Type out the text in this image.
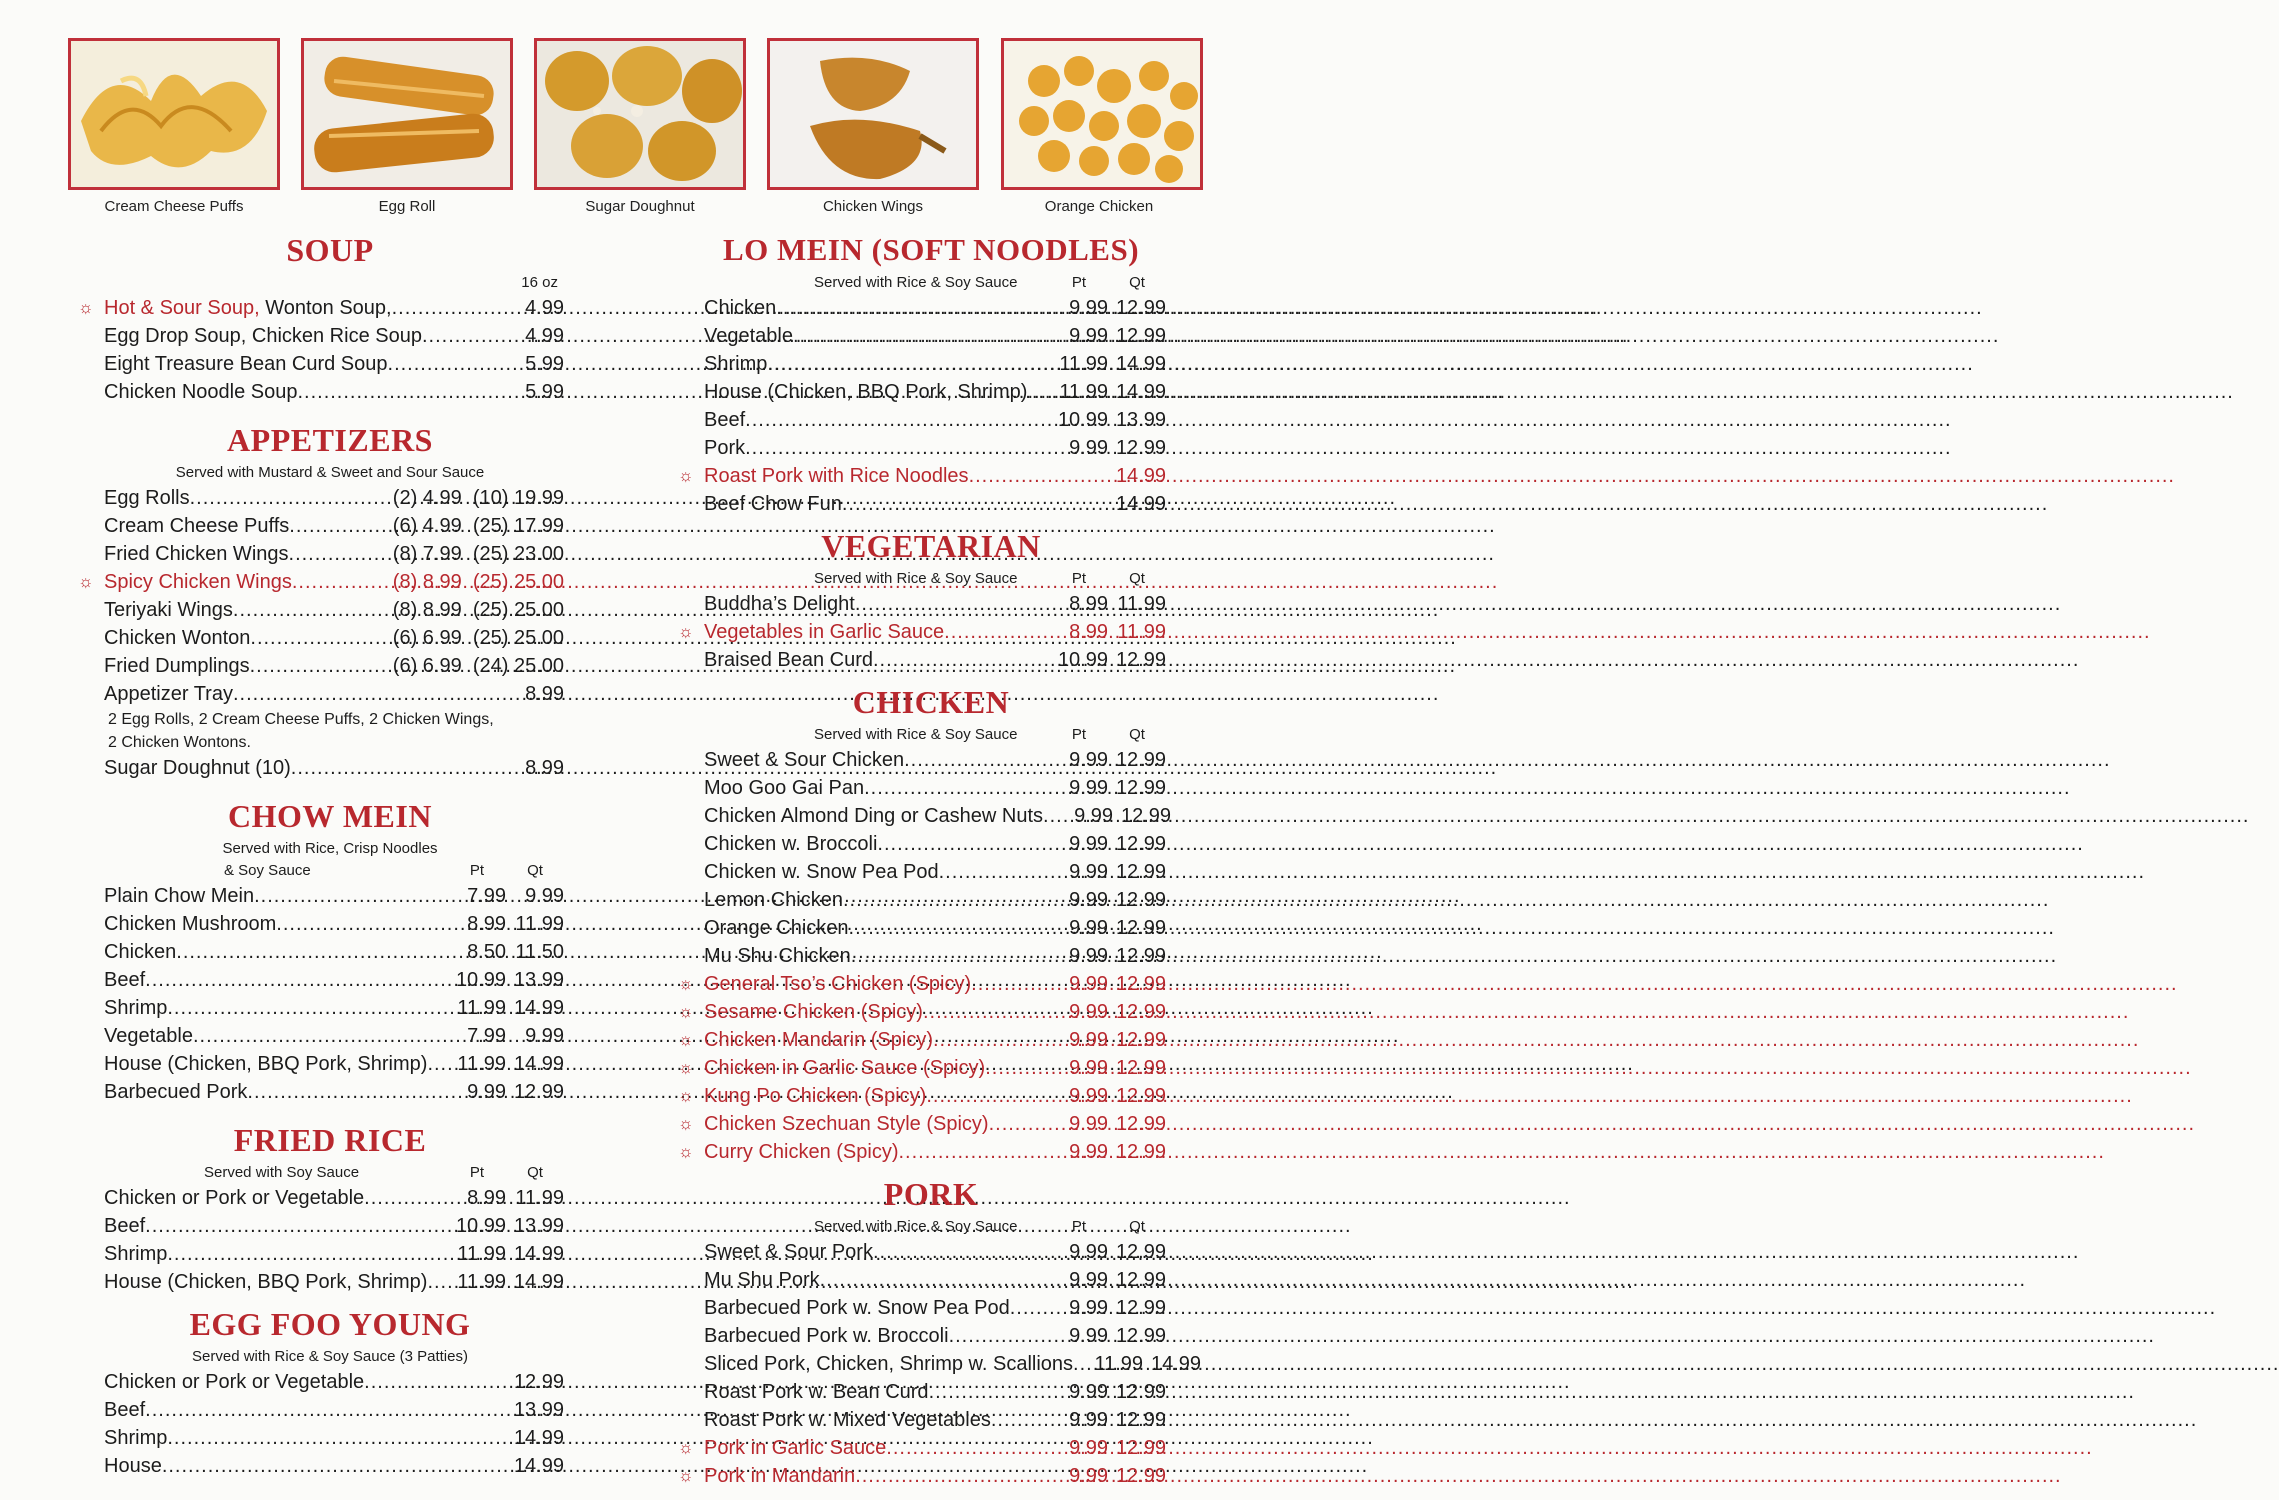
Cream Cheese Puffs	Egg Roll	Sugar Doughnut	Chicken Wings	Orange Chicken
SOUP
16 oz
☼ Hot & Sour Soup, Wonton Soup, .....	4.99
Egg Drop Soup, Chicken Rice Soup .....	4.99
Eight Treasure Bean Curd Soup .....	5.99
Chicken Noodle Soup .....	5.99
APPETIZERS
Served with Mustard & Sweet and Sour Sauce
Egg Rolls .....	(2) 4.99  (10) 19.99
Cream Cheese Puffs .....	(6) 4.99  (25) 17.99
Fried Chicken Wings .....	(8) 7.99  (25) 23.00
☼ Spicy Chicken Wings .....	(8) 8.99  (25) 25.00
Teriyaki Wings .....	(8) 8.99  (25) 25.00
Chicken Wonton .....	(6) 6.99  (25) 25.00
Fried Dumplings .....	(6) 6.99  (24) 25.00
Appetizer Tray .....	8.99
2 Egg Rolls, 2 Cream Cheese Puffs, 2 Chicken Wings,
2 Chicken Wontons.
Sugar Doughnut (10) .....	8.99
CHOW MEIN
Served with Rice, Crisp Noodles
& Soy Sauce	Pt	Qt
Plain Chow Mein .....	7.99 9.99
Chicken Mushroom .....	8.99 11.99
Chicken .....	8.50 11.50
Beef .....	10.99 13.99
Shrimp .....	11.99 14.99
Vegetable .....	7.99 9.99
House (Chicken, BBQ Pork, Shrimp) .....	11.99 14.99
Barbecued Pork .....	9.99 12.99
FRIED RICE
Served with Soy Sauce	Pt	Qt
Chicken or Pork or Vegetable .....	8.99 11.99
Beef .....	10.99 13.99
Shrimp .....	11.99 14.99
House (Chicken, BBQ Pork, Shrimp) .....	11.99 14.99
EGG FOO YOUNG
Served with Rice & Soy Sauce (3 Patties)
Chicken or Pork or Vegetable .....	12.99
Beef .....	13.99
Shrimp .....	14.99
House .....	14.99
LO MEIN (SOFT NOODLES)
Served with Rice & Soy Sauce	Pt	Qt
Chicken .....	9.99 12.99
Vegetable .....	9.99 12.99
Shrimp .....	11.99 14.99
House (Chicken, BBQ Pork, Shrimp) .....	11.99 14.99
Beef .....	10.99 13.99
Pork .....	9.99 12.99
☼ Roast Pork with Rice Noodles .....	14.99
Beef Chow Fun .....	14.99
VEGETARIAN
Served with Rice & Soy Sauce	Pt	Qt
Buddha’s Delight .....	8.99 11.99
☼ Vegetables in Garlic Sauce .....	8.99 11.99
Braised Bean Curd .....	10.99 12.99
CHICKEN
Served with Rice & Soy Sauce	Pt	Qt
Sweet & Sour Chicken .....	9.99 12.99
Moo Goo Gai Pan .....	9.99 12.99
Chicken Almond Ding or Cashew Nuts .....	9.99 12.99
Chicken w. Broccoli .....	9.99 12.99
Chicken w. Snow Pea Pod .....	9.99 12.99
Lemon Chicken .....	9.99 12.99
Orange Chicken .....	9.99 12.99
Mu Shu Chicken .....	9.99 12.99
☼ General Tso’s Chicken (Spicy) .....	9.99 12.99
☼ Sesame Chicken (Spicy) .....	9.99 12.99
☼ Chicken Mandarin (Spicy) .....	9.99 12.99
☼ Chicken in Garlic Sauce (Spicy) .....	9.99 12.99
☼ Kung Po Chicken (Spicy) .....	9.99 12.99
☼ Chicken Szechuan Style (Spicy) .....	9.99 12.99
☼ Curry Chicken (Spicy) .....	9.99 12.99
PORK
Served with Rice & Soy Sauce	Pt	Qt
Sweet & Sour Pork .....	9.99 12.99
Mu Shu Pork .....	9.99 12.99
Barbecued Pork w. Snow Pea Pod .....	9.99 12.99
Barbecued Pork w. Broccoli .....	9.99 12.99
Sliced Pork, Chicken, Shrimp w. Scallions .....	11.99 14.99
Roast Pork w. Bean Curd .....	9.99 12.99
Roast Pork w. Mixed Vegetables .....	9.99 12.99
☼ Pork in Garlic Sauce .....	9.99 12.99
☼ Pork in Mandarin .....	9.99 12.99
